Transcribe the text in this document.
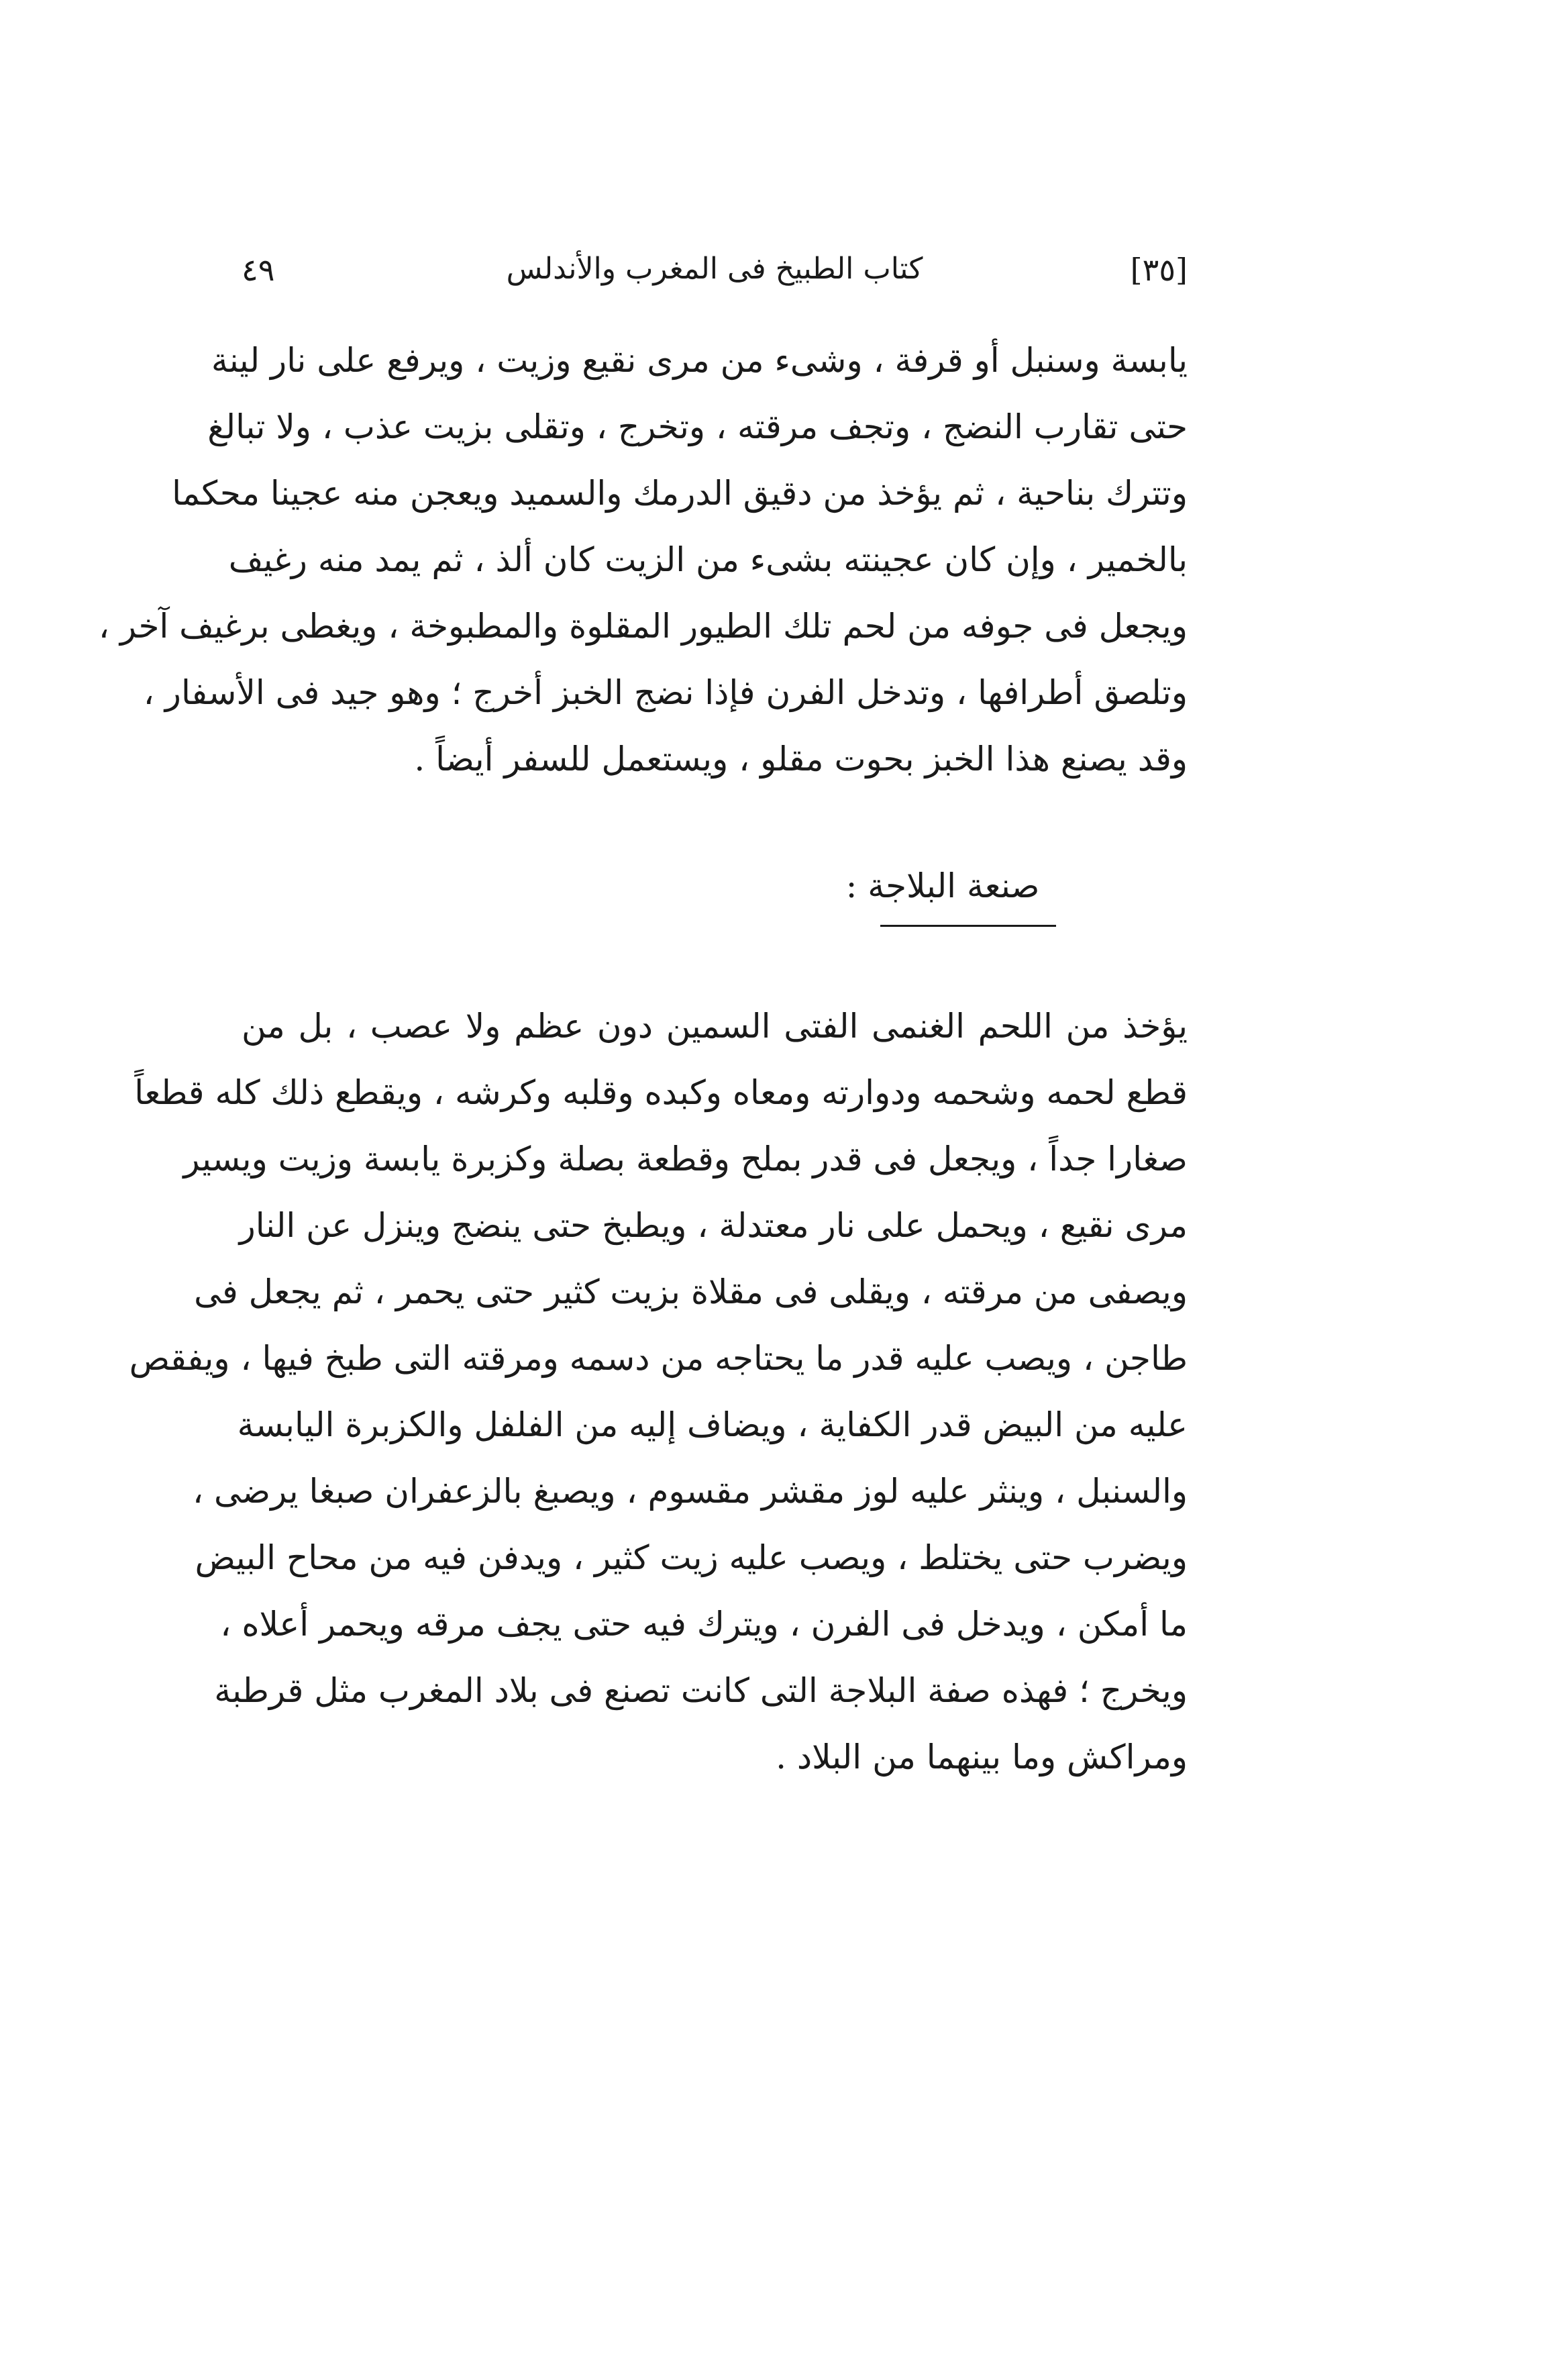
[٣٥]
كتاب الطبيخ فى المغرب والأندلس
٤٩
يابسة وسنبل أو قرفة ، وشىء من مرى نقيع وزيت ، ويرفع على نار لينة
حتى تقارب النضج ، وتجف مرقته ، وتخرج ، وتقلى بزيت عذب ، ولا تبالغ
وتترك بناحية ، ثم يؤخذ من دقيق الدرمك والسميد ويعجن منه عجينا محكما
بالخمير ، وإن كان عجينته بشىء من الزيت كان ألذ ، ثم يمد منه رغيف
ويجعل فى جوفه من لحم تلك الطيور المقلوة والمطبوخة ، ويغطى برغيف آخر ،
وتلصق أطرافها ، وتدخل الفرن فإذا نضج الخبز أخرج ؛ وهو جيد فى الأسفار ،
وقد يصنع هذا الخبز بحوت مقلو ، ويستعمل للسفر أيضاً .
صنعة البلاجة :
يؤخذ من اللحم الغنمى الفتى السمين دون عظم ولا عصب ، بل من
قطع لحمه وشحمه ودوارته ومعاه وكبده وقلبه وكرشه ، ويقطع ذلك كله قطعاً
صغارا جداً ، ويجعل فى قدر بملح وقطعة بصلة وكزبرة يابسة وزيت ويسير
مرى نقيع ، ويحمل على نار معتدلة ، ويطبخ حتى ينضج وينزل عن النار
ويصفى من مرقته ، ويقلى فى مقلاة بزيت كثير حتى يحمر ، ثم يجعل فى
طاجن ، ويصب عليه قدر ما يحتاجه من دسمه ومرقته التى طبخ فيها ، ويفقص
عليه من البيض قدر الكفاية ، ويضاف إليه من الفلفل والكزبرة اليابسة
والسنبل ، وينثر عليه لوز مقشر مقسوم ، ويصبغ بالزعفران صبغا يرضى ،
ويضرب حتى يختلط ، ويصب عليه زيت كثير ، ويدفن فيه من محاح البيض
ما أمكن ، ويدخل فى الفرن ، ويترك فيه حتى يجف مرقه ويحمر أعلاه ،
ويخرج ؛ فهذه صفة البلاجة التى كانت تصنع فى بلاد المغرب مثل قرطبة
ومراكش وما بينهما من البلاد .
